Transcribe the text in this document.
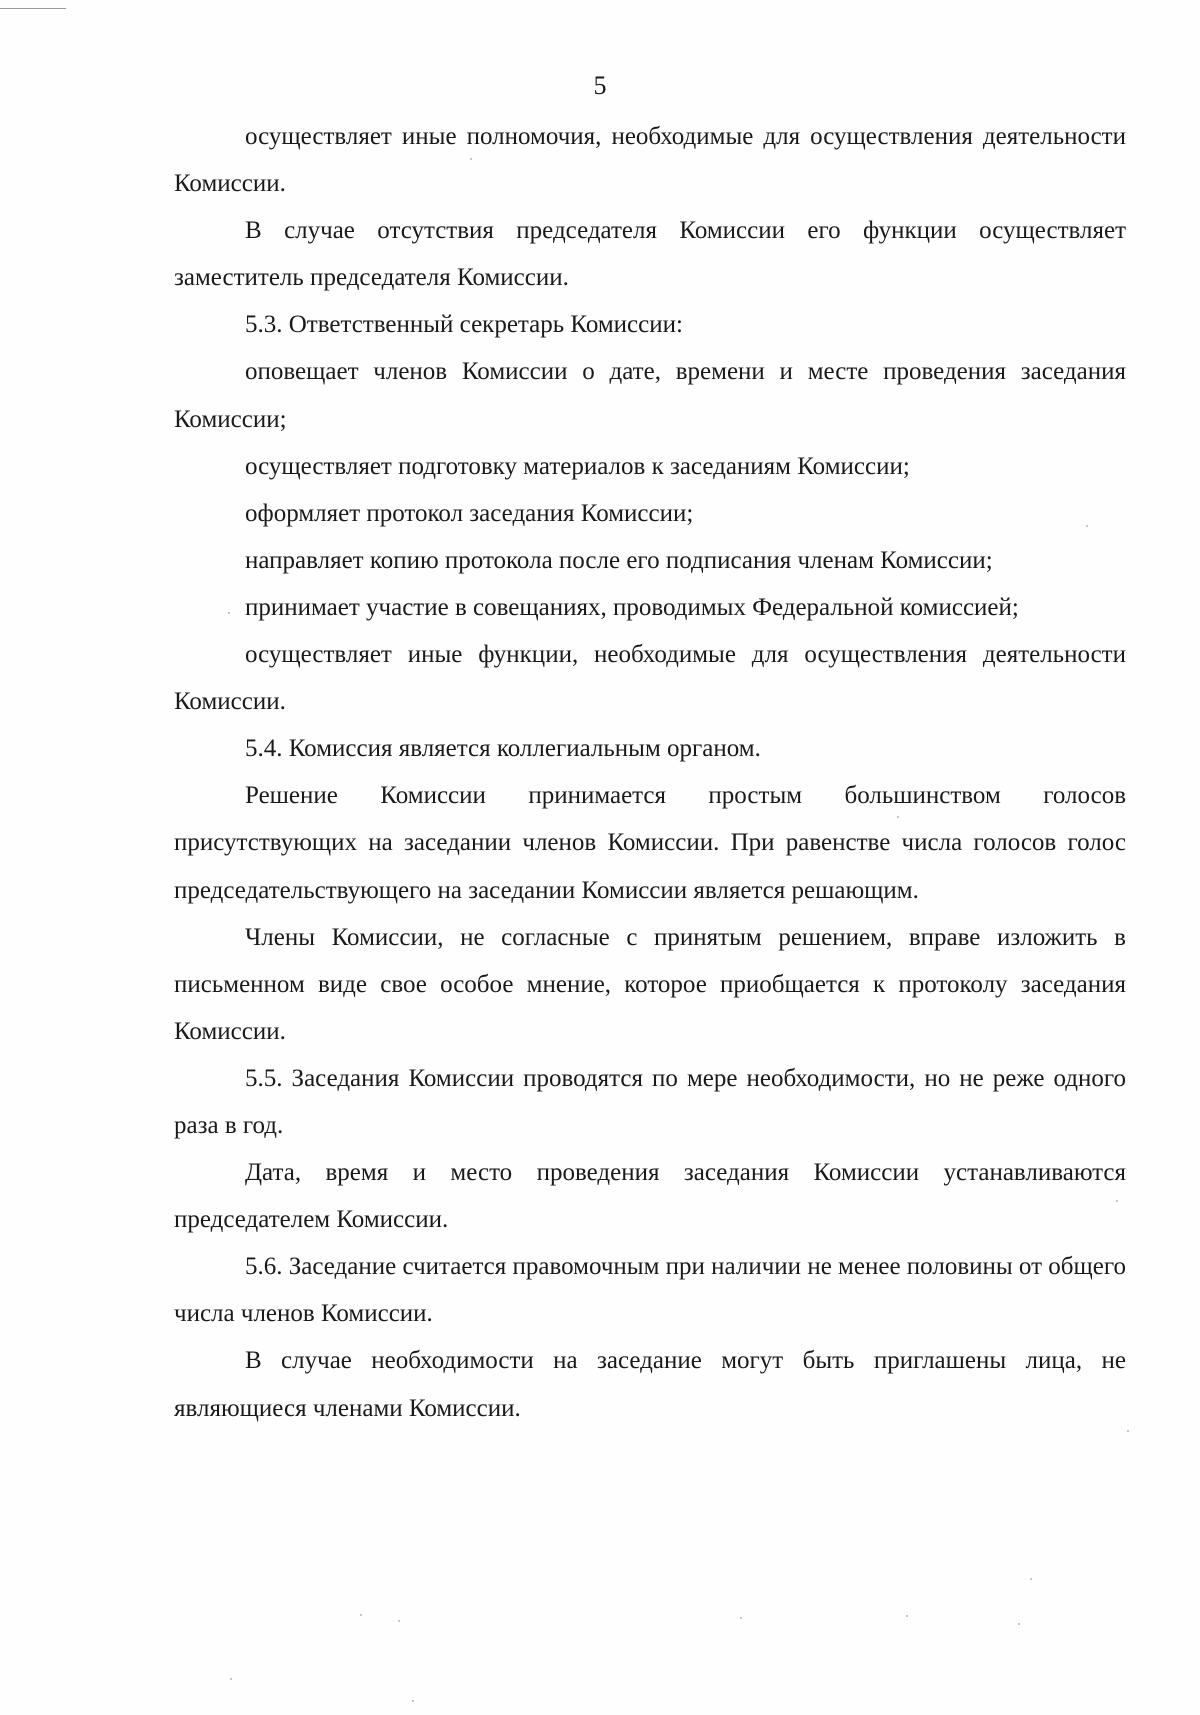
5

осуществляет иные полномочия, необходимые для осуществления деятельности Комиссии.

В случае отсутствия председателя Комиссии его функции осуществляет заместитель председателя Комиссии.

5.3. Ответственный секретарь Комиссии:

оповещает членов Комиссии о дате, времени и месте проведения заседания Комиссии;

осуществляет подготовку материалов к заседаниям Комиссии;

оформляет протокол заседания Комиссии;

направляет копию протокола после его подписания членам Комиссии;

принимает участие в совещаниях, проводимых Федеральной комиссией;

осуществляет иные функции, необходимые для осуществления деятельности Комиссии.

5.4. Комиссия является коллегиальным органом.

Решение Комиссии принимается простым большинством голосов присутствующих на заседании членов Комиссии. При равенстве числа голосов голос председательствующего на заседании Комиссии является решающим.

Члены Комиссии, не согласные с принятым решением, вправе изложить в письменном виде свое особое мнение, которое приобщается к протоколу заседания Комиссии.

5.5. Заседания Комиссии проводятся по мере необходимости, но не реже одного раза в год.

Дата, время и место проведения заседания Комиссии устанавливаются председателем Комиссии.

5.6. Заседание считается правомочным при наличии не менее половины от общего числа членов Комиссии.

В случае необходимости на заседание могут быть приглашены лица, не являющиеся членами Комиссии.
